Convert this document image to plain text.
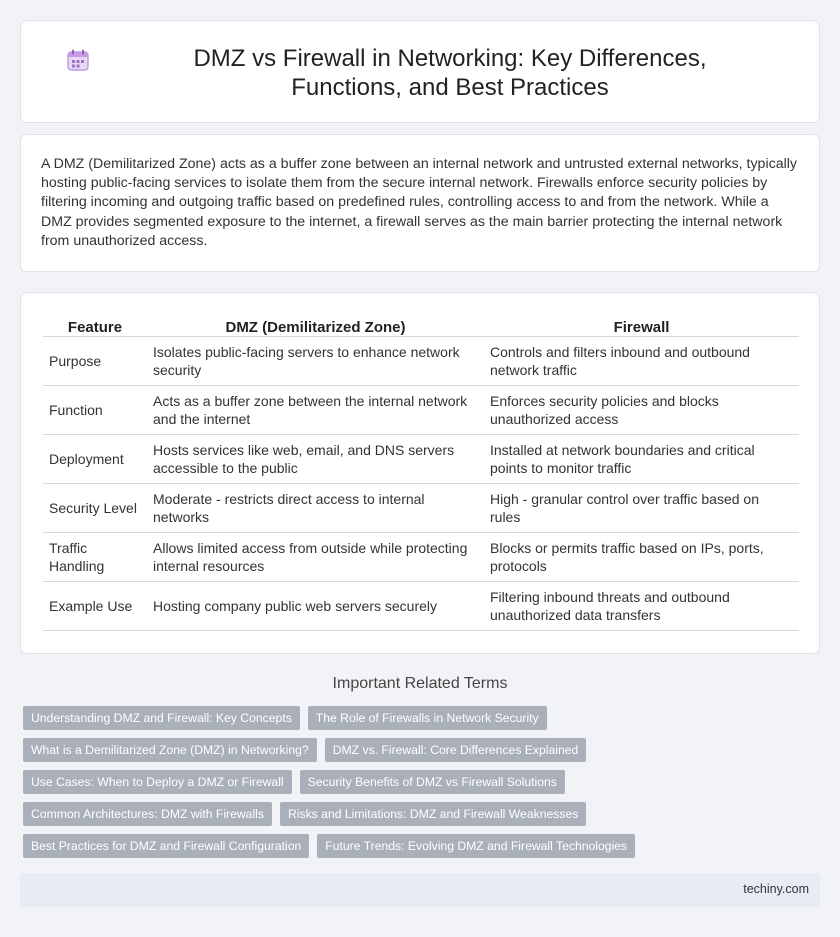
DMZ vs Firewall in Networking: Key Differences, Functions, and Best Practices

A DMZ (Demilitarized Zone) acts as a buffer zone between an internal network and untrusted external networks, typically hosting public-facing services to isolate them from the secure internal network. Firewalls enforce security policies by filtering incoming and outgoing traffic based on predefined rules, controlling access to and from the network. While a DMZ provides segmented exposure to the internet, a firewall serves as the main barrier protecting the internal network from unauthorized access.

Feature	DMZ (Demilitarized Zone)	Firewall
Purpose	Isolates public-facing servers to enhance network security	Controls and filters inbound and outbound network traffic
Function	Acts as a buffer zone between the internal network and the internet	Enforces security policies and blocks unauthorized access
Deployment	Hosts services like web, email, and DNS servers accessible to the public	Installed at network boundaries and critical points to monitor traffic
Security Level	Moderate - restricts direct access to internal networks	High - granular control over traffic based on rules
Traffic Handling	Allows limited access from outside while protecting internal resources	Blocks or permits traffic based on IPs, ports, protocols
Example Use	Hosting company public web servers securely	Filtering inbound threats and outbound unauthorized data transfers
Important Related Terms
Understanding DMZ and Firewall: Key Concepts	The Role of Firewalls in Network Security
What is a Demilitarized Zone (DMZ) in Networking?	DMZ vs. Firewall: Core Differences Explained
Use Cases: When to Deploy a DMZ or Firewall	Security Benefits of DMZ vs Firewall Solutions
Common Architectures: DMZ with Firewalls	Risks and Limitations: DMZ and Firewall Weaknesses
Best Practices for DMZ and Firewall Configuration	Future Trends: Evolving DMZ and Firewall Technologies
techiny.com
